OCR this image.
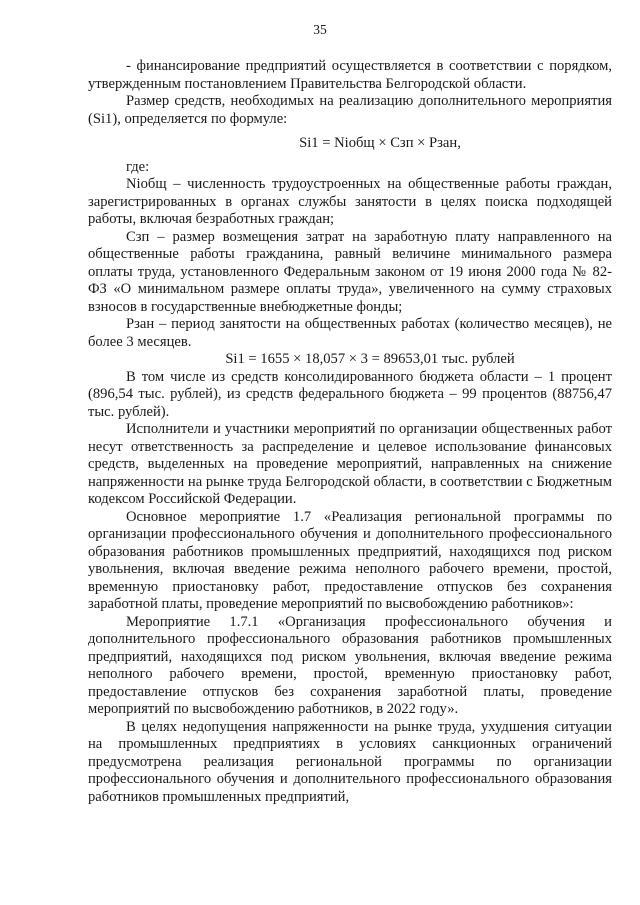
35

- финансирование предприятий осуществляется в соответствии с порядком, утвержденным постановлением Правительства Белгородской области.

Размер средств, необходимых на реализацию дополнительного мероприятия (Si1), определяется по формуле:

Si1 = Niобщ × Сзп × Рзан,

где:

Niобщ – численность трудоустроенных на общественные работы граждан, зарегистрированных в органах службы занятости в целях поиска подходящей работы, включая безработных граждан;

Сзп – размер возмещения затрат на заработную плату направленного на общественные работы гражданина, равный величине минимального размера оплаты труда, установленного Федеральным законом от 19 июня 2000 года № 82-ФЗ «О минимальном размере оплаты труда», увеличенного на сумму страховых взносов в государственные внебюджетные фонды;

Рзан – период занятости на общественных работах (количество месяцев), не более 3 месяцев.

Si1 = 1655 × 18,057 × 3 = 89653,01 тыс. рублей

В том числе из средств консолидированного бюджета области – 1 процент (896,54 тыс. рублей), из средств федерального бюджета – 99 процентов (88756,47 тыс. рублей).

Исполнители и участники мероприятий по организации общественных работ несут ответственность за распределение и целевое использование финансовых средств, выделенных на проведение мероприятий, направленных на снижение напряженности на рынке труда Белгородской области, в соответствии с Бюджетным кодексом Российской Федерации.

Основное мероприятие 1.7 «Реализация региональной программы по организации профессионального обучения и дополнительного профессионального образования работников промышленных предприятий, находящихся под риском увольнения, включая введение режима неполного рабочего времени, простой, временную приостановку работ, предоставление отпусков без сохранения заработной платы, проведение мероприятий по высвобождению работников»:

Мероприятие 1.7.1 «Организация профессионального обучения и дополнительного профессионального образования работников промышленных предприятий, находящихся под риском увольнения, включая введение режима неполного рабочего времени, простой, временную приостановку работ, предоставление отпусков без сохранения заработной платы, проведение мероприятий по высвобождению работников, в 2022 году».

В целях недопущения напряженности на рынке труда, ухудшения ситуации на промышленных предприятиях в условиях санкционных ограничений предусмотрена реализация региональной программы по организации профессионального обучения и дополнительного профессионального образования работников промышленных предприятий,
